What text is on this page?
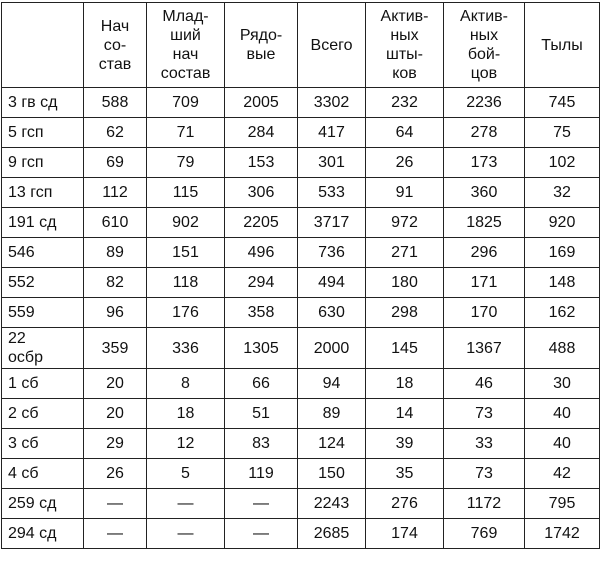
	Нач
со-
став	Млад-
ший
нач
состав	Рядо-
вые	Всего	Актив-
ных
шты-
ков	Актив-
ных
бой-
цов	Тылы
3 гв сд	588	709	2005	3302	232	2236	745
5 гсп	62	71	284	417	64	278	75
9 гсп	69	79	153	301	26	173	102
13 гсп	112	115	306	533	91	360	32
191 сд	610	902	2205	3717	972	1825	920
546	89	151	496	736	271	296	169
552	82	118	294	494	180	171	148
559	96	176	358	630	298	170	162
22
осбр	359	336	1305	2000	145	1367	488
1 сб	20	8	66	94	18	46	30
2 сб	20	18	51	89	14	73	40
3 сб	29	12	83	124	39	33	40
4 сб	26	5	119	150	35	73	42
259 сд	—	—	—	2243	276	1172	795
294 сд	—	—	—	2685	174	769	1742
